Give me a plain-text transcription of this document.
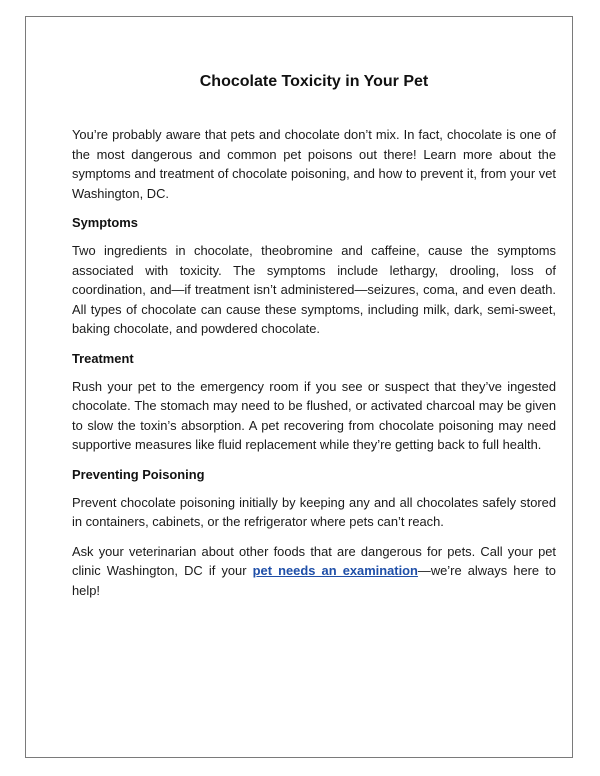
Chocolate Toxicity in Your Pet

You’re probably aware that pets and chocolate don’t mix. In fact, chocolate is one of the most dangerous and common pet poisons out there! Learn more about the symptoms and treatment of chocolate poisoning, and how to prevent it, from your vet Washington, DC.

Symptoms

Two ingredients in chocolate, theobromine and caffeine, cause the symptoms associated with toxicity. The symptoms include lethargy, drooling, loss of coordination, and—if treatment isn’t administered—seizures, coma, and even death. All types of chocolate can cause these symptoms, including milk, dark, semi-sweet, baking chocolate, and powdered chocolate.

Treatment

Rush your pet to the emergency room if you see or suspect that they’ve ingested chocolate. The stomach may need to be flushed, or activated charcoal may be given to slow the toxin’s absorption. A pet recovering from chocolate poisoning may need supportive measures like fluid replacement while they’re getting back to full health.

Preventing Poisoning

Prevent chocolate poisoning initially by keeping any and all chocolates safely stored in containers, cabinets, or the refrigerator where pets can’t reach.

Ask your veterinarian about other foods that are dangerous for pets. Call your pet clinic Washington, DC if your pet needs an examination—we’re always here to help!
